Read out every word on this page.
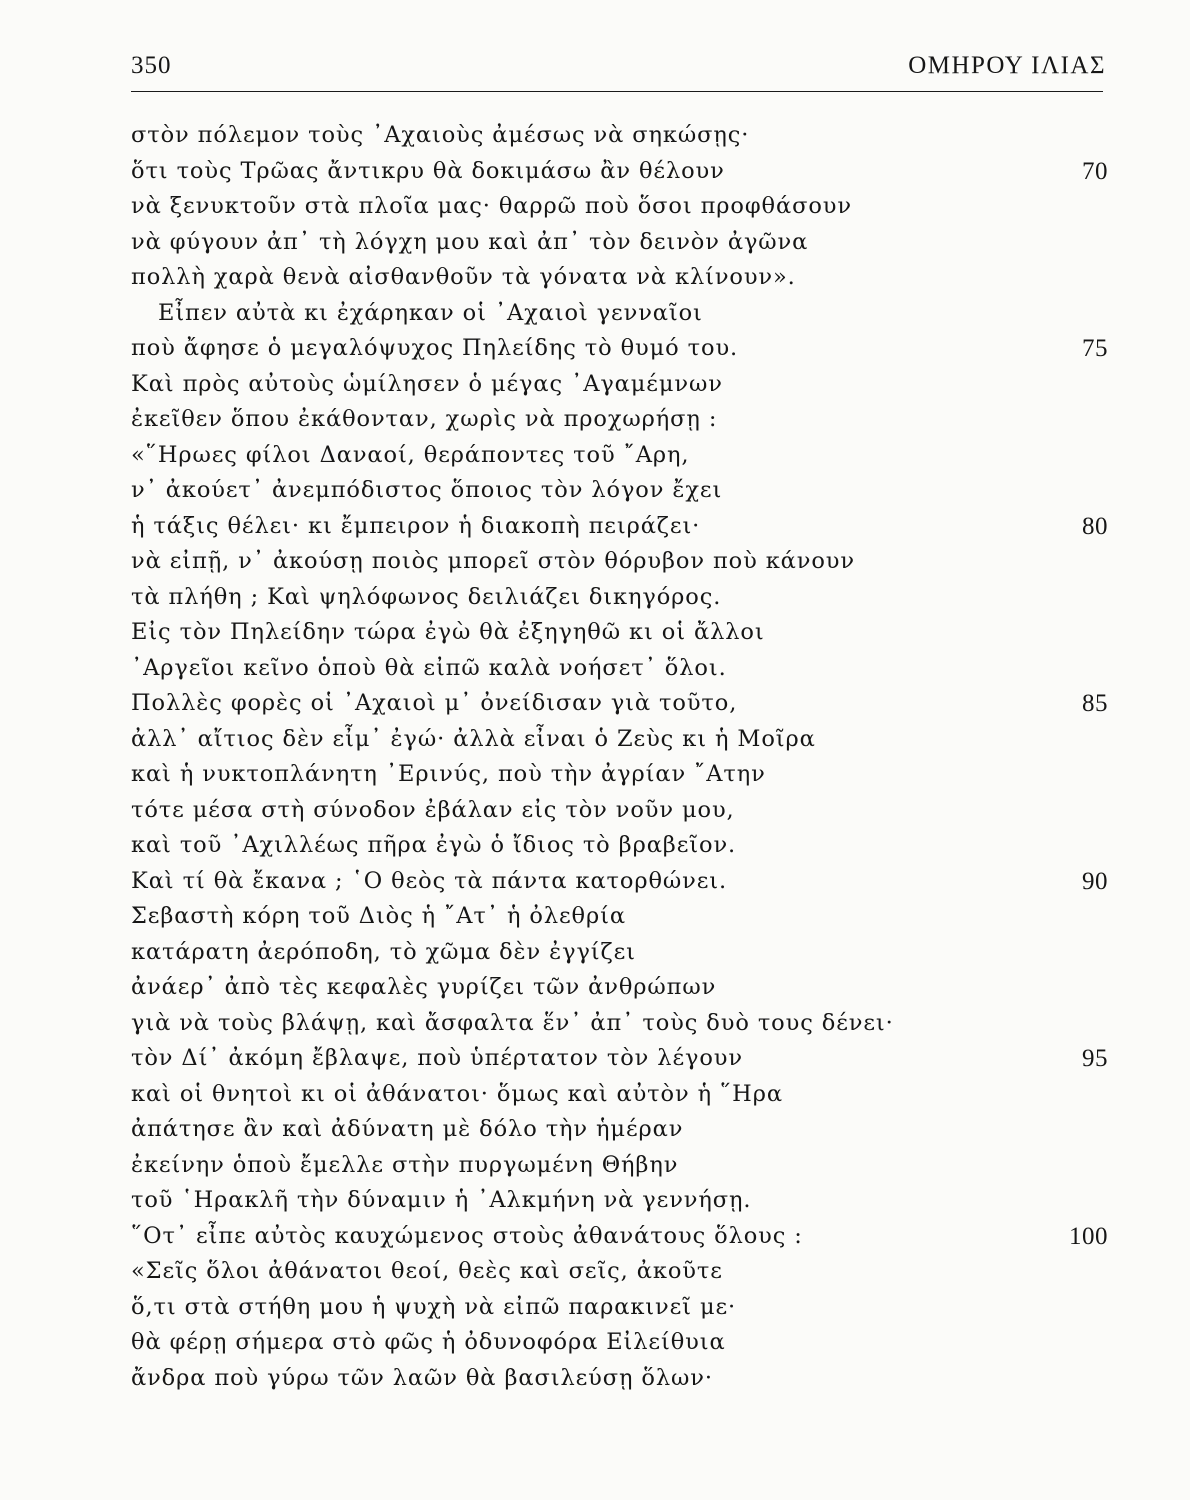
350	ΟΜΗΡΟΥ ΙΛΙΑΣ
στὸν πόλεμον τοὺς ᾿Αχαιοὺς ἀμέσως νὰ σηκώσῃς·
ὅτι τοὺς Τρῶας ἄντικρυ θὰ δοκιμάσω ἂν θέλουν	70
νὰ ξενυκτοῦν στὰ πλοῖα μας· θαρρῶ ποὺ ὅσοι προφθάσουν
νὰ φύγουν ἀπ᾿ τὴ λόγχη μου καὶ ἀπ᾿ τὸν δεινὸν ἀγῶνα
πολλὴ χαρὰ θενὰ αἰσθανθοῦν τὰ γόνατα νὰ κλίνουν».
Εἶπεν αὐτὰ κι ἐχάρηκαν οἱ ᾿Αχαιοὶ γενναῖοι
ποὺ ἄφησε ὁ μεγαλόψυχος Πηλείδης τὸ θυμό του.	75
Καὶ πρὸς αὐτοὺς ὡμίλησεν ὁ μέγας ᾿Αγαμέμνων
ἐκεῖθεν ὅπου ἐκάθονταν, χωρὶς νὰ προχωρήσῃ :
«῞Ηρωες φίλοι Δαναοί, θεράποντες τοῦ ῎Αρη,
ν᾿ ἀκούετ᾿ ἀνεμπόδιστος ὅποιος τὸν λόγον ἔχει
ἡ τάξις θέλει· κι ἔμπειρον ἡ διακοπὴ πειράζει·	80
νὰ εἰπῇ, ν᾿ ἀκούσῃ ποιὸς μπορεῖ στὸν θόρυβον ποὺ κάνουν
τὰ πλήθη ; Καὶ ψηλόφωνος δειλιάζει δικηγόρος.
Εἰς τὸν Πηλείδην τώρα ἐγὼ θὰ ἐξηγηθῶ κι οἱ ἄλλοι
᾿Αργεῖοι κεῖνο ὁποὺ θὰ εἰπῶ καλὰ νοήσετ᾿ ὅλοι.
Πολλὲς φορὲς οἱ ᾿Αχαιοὶ μ᾿ ὀνείδισαν γιὰ τοῦτο,	85
ἀλλ᾿ αἴτιος δὲν εἶμ᾿ ἐγώ· ἀλλὰ εἶναι ὁ Ζεὺς κι ἡ Μοῖρα
καὶ ἡ νυκτοπλάνητη ᾿Ερινύς, ποὺ τὴν ἀγρίαν ῎Ατην
τότε μέσα στὴ σύνοδον ἐβάλαν εἰς τὸν νοῦν μου,
καὶ τοῦ ᾿Αχιλλέως πῆρα ἐγὼ ὁ ἴδιος τὸ βραβεῖον.
Καὶ τί θὰ ἔκανα ; ῾Ο θεὸς τὰ πάντα κατορθώνει.	90
Σεβαστὴ κόρη τοῦ Διὸς ἡ ῎Ατ᾿ ἡ ὀλεθρία
κατάρατη ἀερόποδη, τὸ χῶμα δὲν ἐγγίζει
ἀνάερ᾿ ἀπὸ τὲς κεφαλὲς γυρίζει τῶν ἀνθρώπων
γιὰ νὰ τοὺς βλάψῃ, καὶ ἄσφαλτα ἕν᾿ ἀπ᾿ τοὺς δυὸ τους δένει·
τὸν Δί᾿ ἀκόμη ἔβλαψε, ποὺ ὑπέρτατον τὸν λέγουν	95
καὶ οἱ θνητοὶ κι οἱ ἀθάνατοι· ὅμως καὶ αὐτὸν ἡ ῞Ηρα
ἀπάτησε ἂν καὶ ἀδύνατη μὲ δόλο τὴν ἡμέραν
ἐκείνην ὁποὺ ἔμελλε στὴν πυργωμένη Θήβην
τοῦ ῾Ηρακλῆ τὴν δύναμιν ἡ ᾿Αλκμήνη νὰ γεννήσῃ.
῞Οτ᾿ εἶπε αὐτὸς καυχώμενος στοὺς ἀθανάτους ὅλους :	100
«Σεῖς ὅλοι ἀθάνατοι θεοί, θεὲς καὶ σεῖς, ἀκοῦτε
ὅ,τι στὰ στήθη μου ἡ ψυχὴ νὰ εἰπῶ παρακινεῖ με·
θὰ φέρῃ σήμερα στὸ φῶς ἡ ὀδυνοφόρα Εἰλείθυια
ἄνδρα ποὺ γύρω τῶν λαῶν θὰ βασιλεύσῃ ὅλων·
